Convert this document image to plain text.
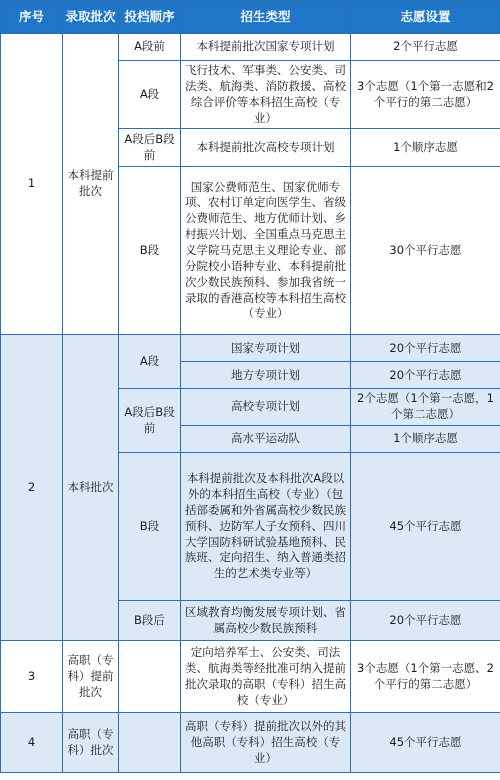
序号	录取批次	投档顺序	招生类型	志愿设置
1	本科提前批次	A段前	本科提前批次国家专项计划	2个平行志愿
		A段	飞行技术、军事类、公安类、司法类、航海类、消防救援、高校综合评价等本科招生高校（专业）	3个志愿（1个第一志愿和2个平行的第二志愿）
		A段后B段前	本科提前批次高校专项计划	1个顺序志愿
		B段	国家公费师范生、国家优师专项、农村订单定向医学生、省级公费师范生、地方优师计划、乡村振兴计划、全国重点马克思主义学院马克思主义理论专业、部分院校小语种专业、本科提前批次少数民族预科、参加我省统一录取的香港高校等本科招生高校（专业）	30个平行志愿
2	本科批次	A段	国家专项计划	20个平行志愿
			地方专项计划	20个平行志愿
		A段后B段前	高校专项计划	2个志愿（1个第一志愿，1个第二志愿）
			高水平运动队	1个顺序志愿
		B段	本科提前批次及本科批次A段以外的本科招生高校（专业）（包括部委属和外省属高校少数民族预科、边防军人子女预科、四川大学国防科研试验基地预科、民族班、定向招生、纳入普通类招生的艺术类专业等）	45个平行志愿
		B段后	区域教育均衡发展专项计划、省属高校少数民族预科	20个平行志愿
3	高职（专科）提前批次		定向培养军士、公安类、司法类、航海类等经批准可纳入提前批次录取的高职（专科）招生高校（专业）	3个志愿（1个第一志愿、2个平行的第二志愿）
4	高职（专科）批次		高职（专科）提前批次以外的其他高职（专科）招生高校（专业）	45个平行志愿
